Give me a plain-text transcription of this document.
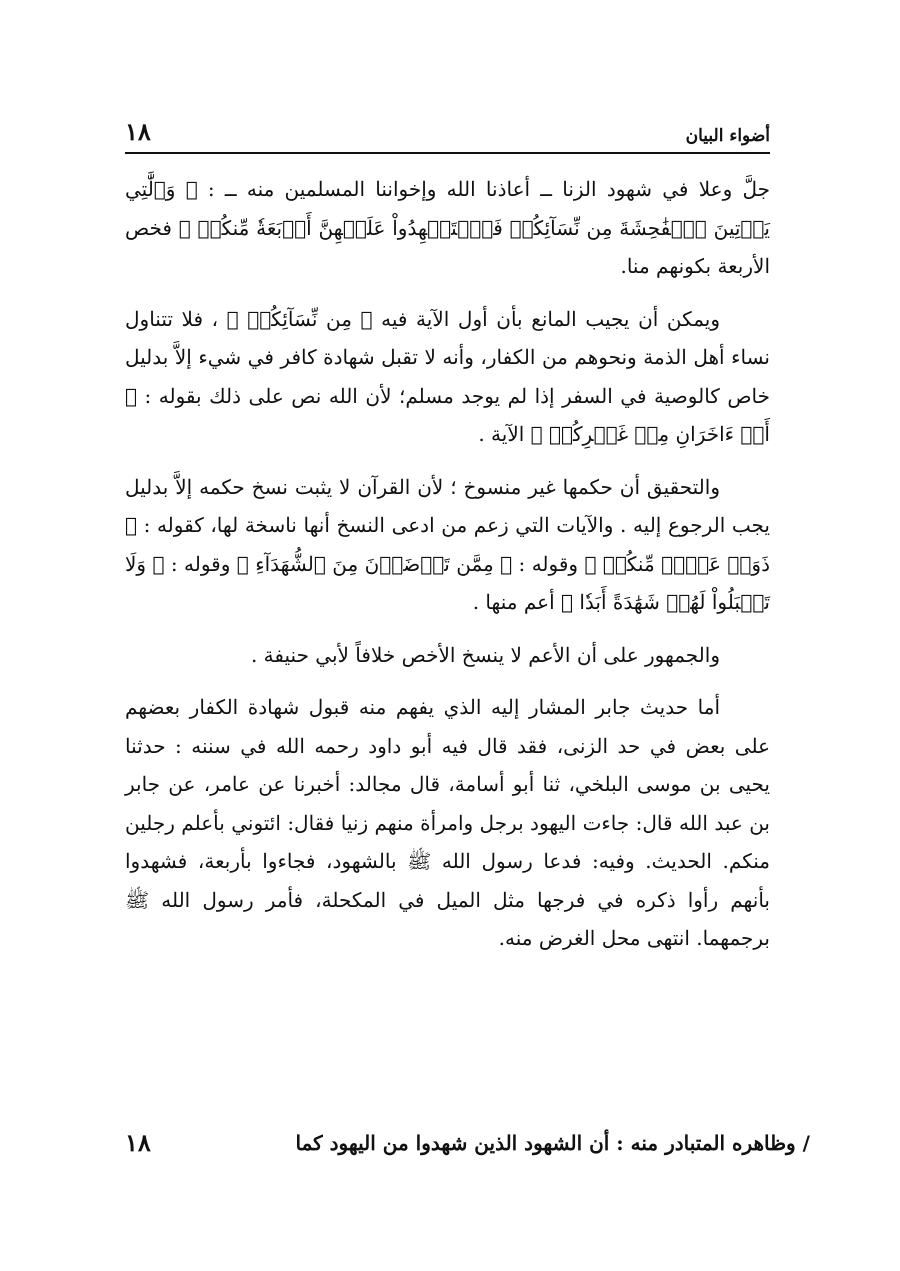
١٨	أضواء البيان

جلَّ وعلا في شهود الزنا ــ أعاذنا الله وإخواننا المسلمين منه ــ : ﴿ وَٱلَّٰتِي يَأۡتِينَ ٱلۡفَٰحِشَةَ مِن نِّسَآئِكُمۡ فَٱسۡتَشۡهِدُواْ عَلَيۡهِنَّ أَرۡبَعَةٗ مِّنكُمۡ ﴾ فخص الأربعة بكونهم منا.

ويمكن أن يجيب المانع بأن أول الآية فيه ﴿ مِن نِّسَآئِكُمۡ ﴾ ، فلا تتناول نساء أهل الذمة ونحوهم من الكفار، وأنه لا تقبل شهادة كافر في شيء إلاَّ بدليل خاص كالوصية في السفر إذا لم يوجد مسلم؛ لأن الله نص على ذلك بقوله : ﴿ أَوۡ ءَاخَرَانِ مِنۡ غَيۡرِكُمۡ ﴾ الآية .

والتحقيق أن حكمها غير منسوخ ؛ لأن القرآن لا يثبت نسخ حكمه إلاَّ بدليل يجب الرجوع إليه . والآيات التي زعم من ادعى النسخ أنها ناسخة لها، كقوله : ﴿ ذَوَيۡ عَدۡلٖ مِّنكُمۡ ﴾ وقوله : ﴿ مِمَّن تَرۡضَوۡنَ مِنَ ٱلشُّهَدَآءِ ﴾ وقوله : ﴿ وَلَا تَقۡبَلُواْ لَهُمۡ شَهَٰدَةً أَبَدٗا ﴾ أعم منها .

والجمهور على أن الأعم لا ينسخ الأخص خلافاً لأبي حنيفة .

أما حديث جابر المشار إليه الذي يفهم منه قبول شهادة الكفار بعضهم على بعض في حد الزنى، فقد قال فيه أبو داود رحمه الله في سننه : حدثنا يحيى بن موسى البلخي، ثنا أبو أسامة، قال مجالد: أخبرنا عن عامر، عن جابر بن عبد الله قال: جاءت اليهود برجل وامرأة منهم زنيا فقال: ائتوني بأعلم رجلين منكم. الحديث. وفيه: فدعا رسول الله ﷺ بالشهود، فجاءوا بأربعة، فشهدوا بأنهم رأوا ذكره في فرجها مثل الميل في المكحلة، فأمر رسول الله ﷺ برجمهما. انتهى محل الغرض منه.

١٨	/ وظاهره المتبادر منه : أن الشهود الذين شهدوا من اليهود كما
